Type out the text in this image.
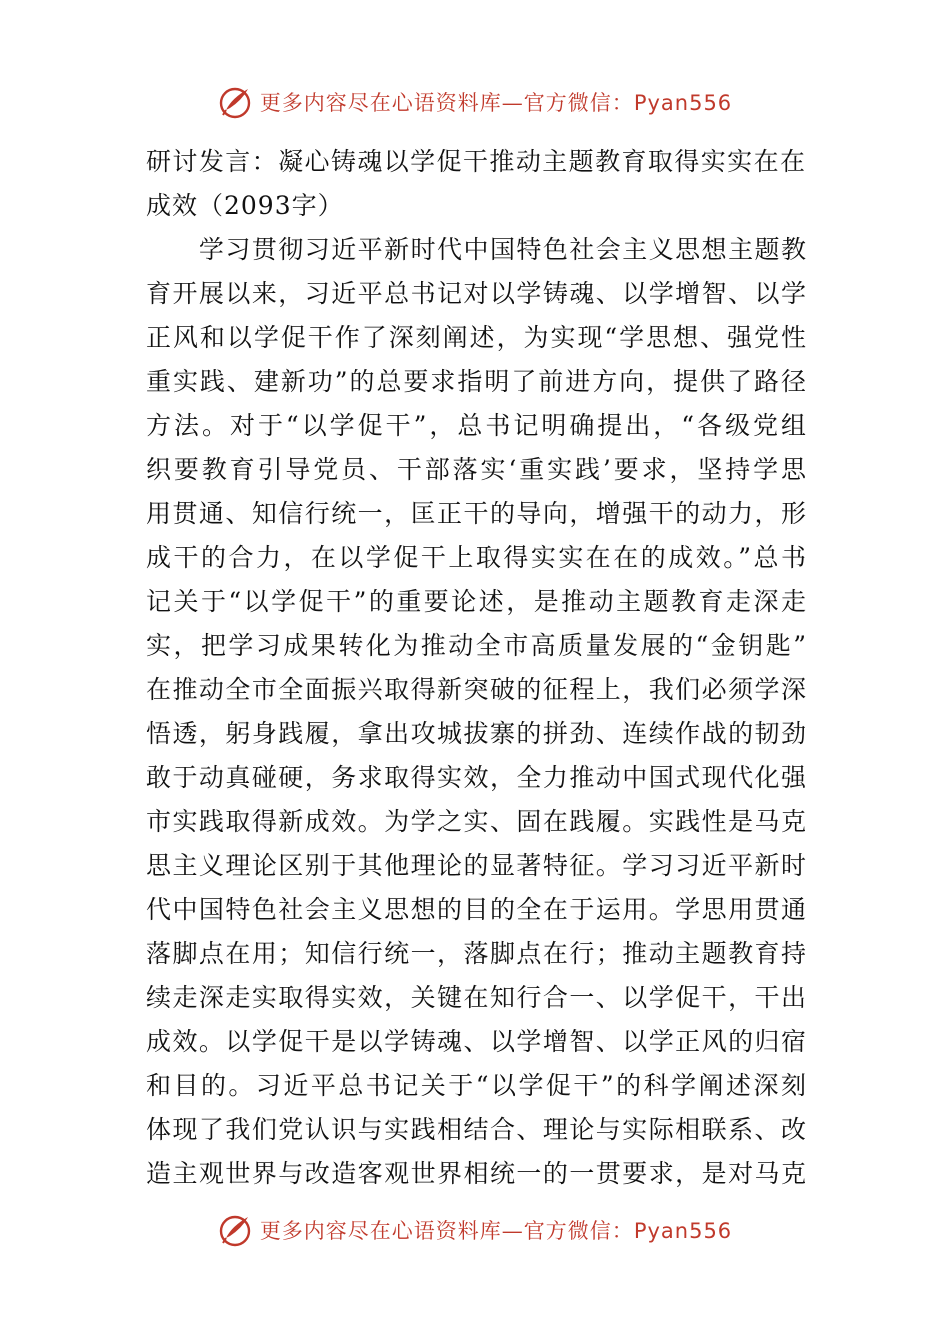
更多内容尽在心语资料库—官方微信：Pyan556
研讨发言：凝心铸魂以学促干推动主题教育取得实实在在
成效（2093字）
　　学习贯彻习近平新时代中国特色社会主义思想主题教
育开展以来，习近平总书记对以学铸魂、以学增智、以学
正风和以学促干作了深刻阐述，为实现“学思想、强党性
重实践、建新功”的总要求指明了前进方向，提供了路径
方法。对于“以学促干”，总书记明确提出，“各级党组
织要教育引导党员、干部落实‘重实践’要求，坚持学思
用贯通、知信行统一，匡正干的导向，增强干的动力，形
成干的合力，在以学促干上取得实实在在的成效。”总书
记关于“以学促干”的重要论述，是推动主题教育走深走
实，把学习成果转化为推动全市高质量发展的“金钥匙”
在推动全市全面振兴取得新突破的征程上，我们必须学深
悟透，躬身践履，拿出攻城拔寨的拼劲、连续作战的韧劲
敢于动真碰硬，务求取得实效，全力推动中国式现代化强
市实践取得新成效。为学之实、固在践履。实践性是马克
思主义理论区别于其他理论的显著特征。学习习近平新时
代中国特色社会主义思想的目的全在于运用。学思用贯通
落脚点在用；知信行统一，落脚点在行；推动主题教育持
续走深走实取得实效，关键在知行合一、以学促干，干出
成效。以学促干是以学铸魂、以学增智、以学正风的归宿
和目的。习近平总书记关于“以学促干”的科学阐述深刻
体现了我们党认识与实践相结合、理论与实际相联系、改
造主观世界与改造客观世界相统一的一贯要求，是对马克
更多内容尽在心语资料库—官方微信：Pyan556
